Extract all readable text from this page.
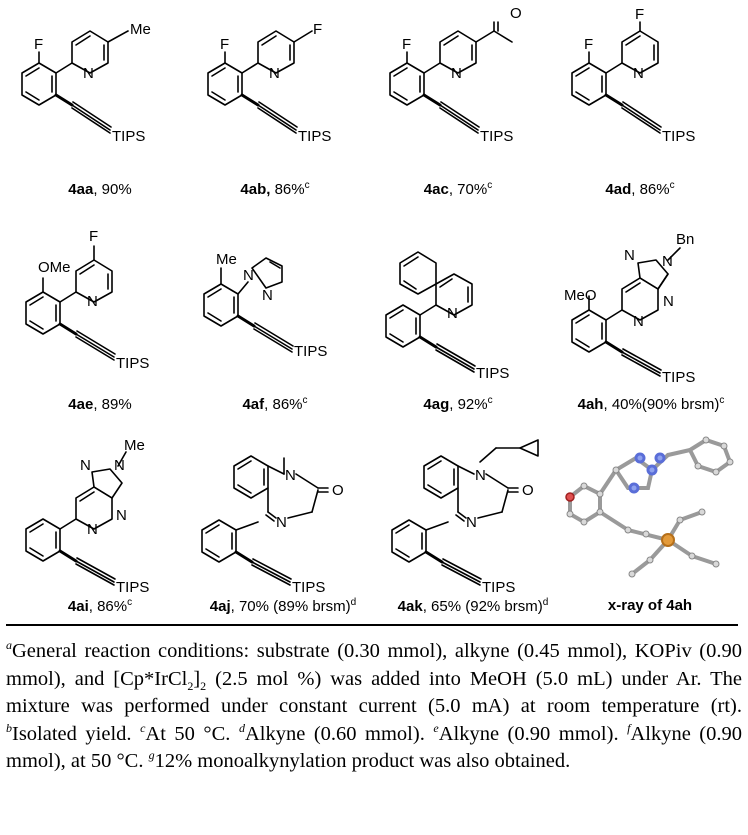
F
N
Me
TIPS
F
N
F
TIPS
F
N
O
TIPS
F
N
F
TIPS
OMe
N
F
TIPS
Me
N
N
TIPS
N
TIPS
MeO
N
N
N N
Bn
TIPS
N
N
N N
Me
TIPS
N
O
N
TIPS
N
O
N
TIPS
4aa, 90%	4ab, 86%$^c$	4ac, 70%$^c$	4ad, 86%$^c$
4ae, 89%	4af, 86%$^c$	4ag, 92%$^c$	4ah, 40%(90% brsm)$^c$
4ai, 86%$^c$	4aj, 70% (89% brsm)$^d$	4ak, 65% (92% brsm)$^d$	x-ray of 4ah
$^a$General reaction conditions: substrate (0.30 mmol), alkyne (0.45 mmol), KOPiv (0.90 mmol), and $[Cp*IrCl_2]_2$ (2.5 mol %) was added into MeOH (5.0 mL) under Ar. The mixture was performed under constant current (5.0 mA) at room temperature (rt). $^b$Isolated yield. $^c$At 50 °C. $^d$Alkyne (0.60 mmol). $^e$Alkyne (0.90 mmol). $^f$Alkyne (0.90 mmol), at 50 °C. $^g$12% monoalkynylation product was also obtained.
